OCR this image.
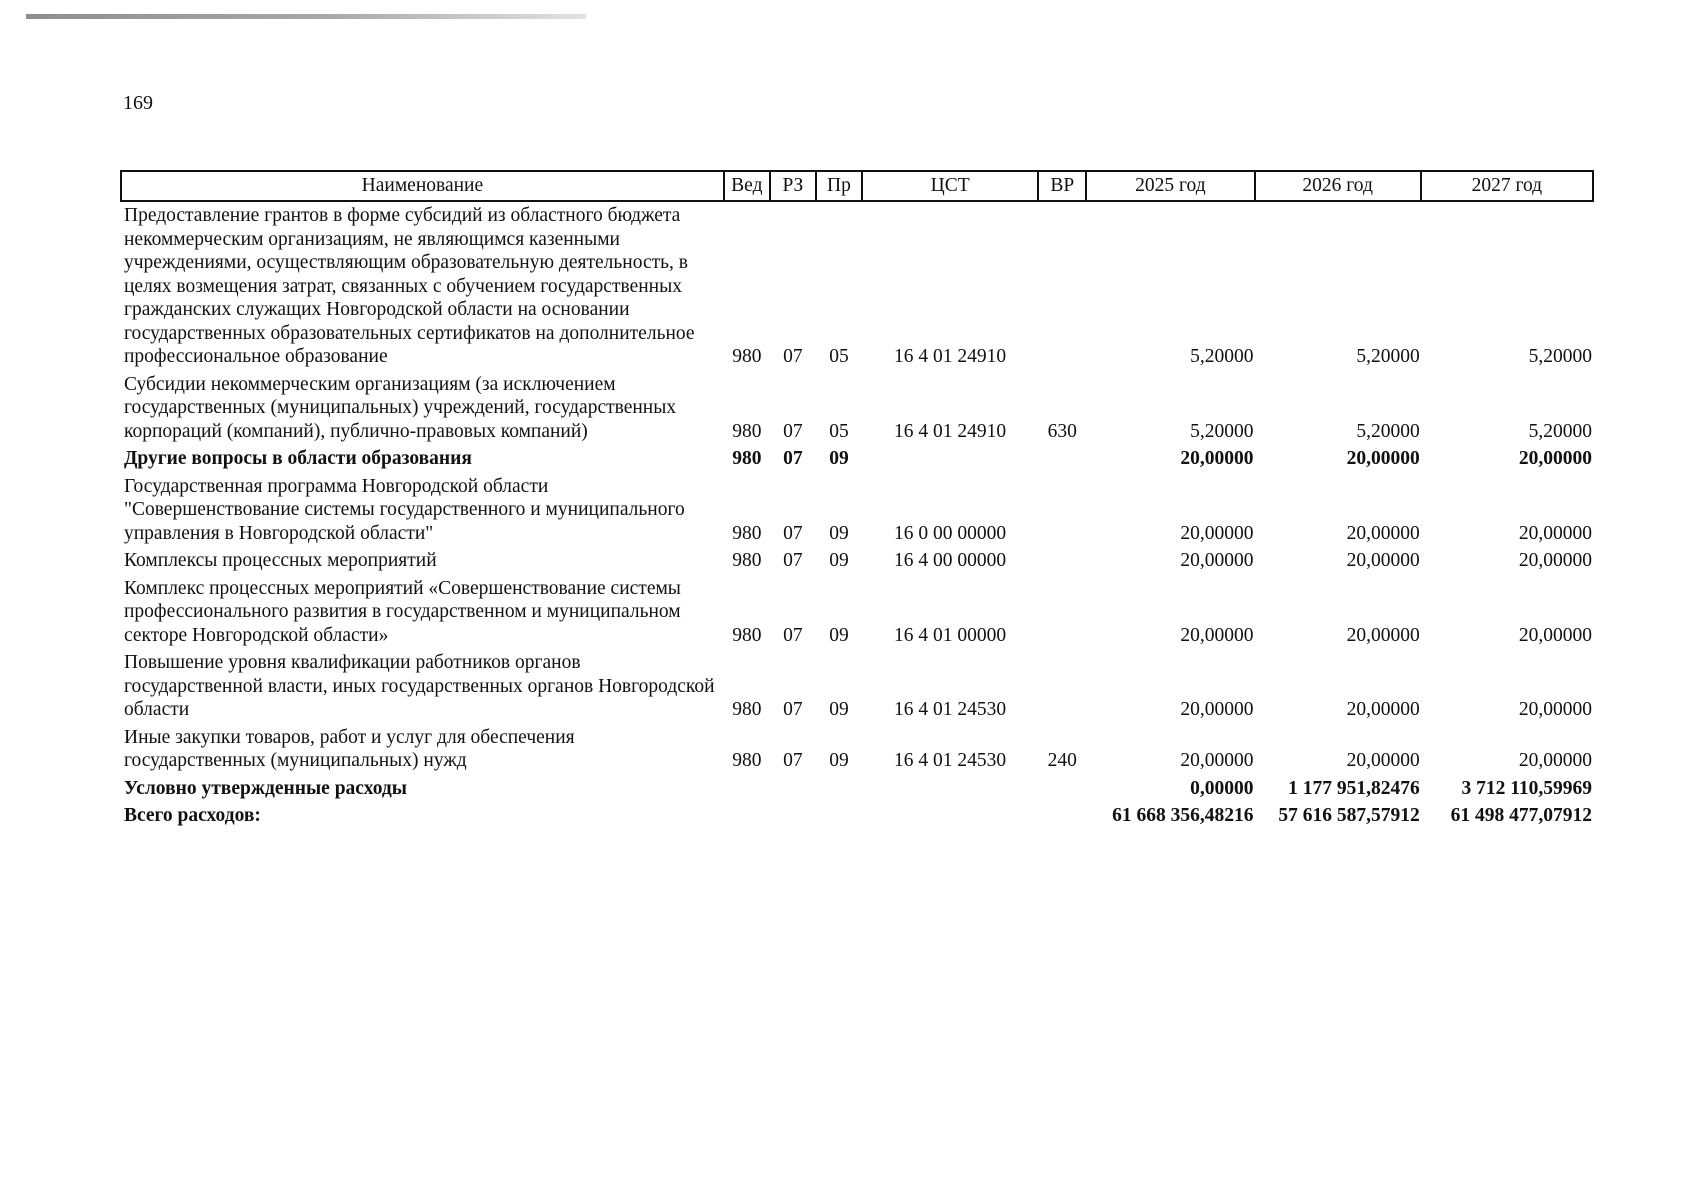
169
Наименование	Вед	РЗ	Пр	ЦСТ	ВР	2025 год	2026 год	2027 год
Предоставление грантов в форме субсидий из областного бюджета некоммерческим организациям, не являющимся казенными учреждениями, осуществляющим образовательную деятельность, в целях возмещения затрат, связанных с обучением государственных гражданских служащих Новгородской области на основании государственных образовательных сертификатов на дополнительное профессиональное образование	980	07	05	16 4 01 24910		5,20000	5,20000	5,20000
Субсидии некоммерческим организациям (за исключением государственных (муниципальных) учреждений, государственных корпораций (компаний), публично-правовых компаний)	980	07	05	16 4 01 24910	630	5,20000	5,20000	5,20000
Другие вопросы в области образования	980	07	09			20,00000	20,00000	20,00000
Государственная программа Новгородской области "Совершенствование системы государственного и муниципального управления в Новгородской области"	980	07	09	16 0 00 00000		20,00000	20,00000	20,00000
Комплексы процессных мероприятий	980	07	09	16 4 00 00000		20,00000	20,00000	20,00000
Комплекс процессных мероприятий «Совершенствование системы профессионального развития в государственном и муниципальном секторе Новгородской области»	980	07	09	16 4 01 00000		20,00000	20,00000	20,00000
Повышение уровня квалификации работников органов государственной власти, иных государственных органов Новгородской области	980	07	09	16 4 01 24530		20,00000	20,00000	20,00000
Иные закупки товаров, работ и услуг для обеспечения государственных (муниципальных) нужд	980	07	09	16 4 01 24530	240	20,00000	20,00000	20,00000
Условно утвержденные расходы						0,00000	1 177 951,82476	3 712 110,59969
Всего расходов:						61 668 356,48216	57 616 587,57912	61 498 477,07912
